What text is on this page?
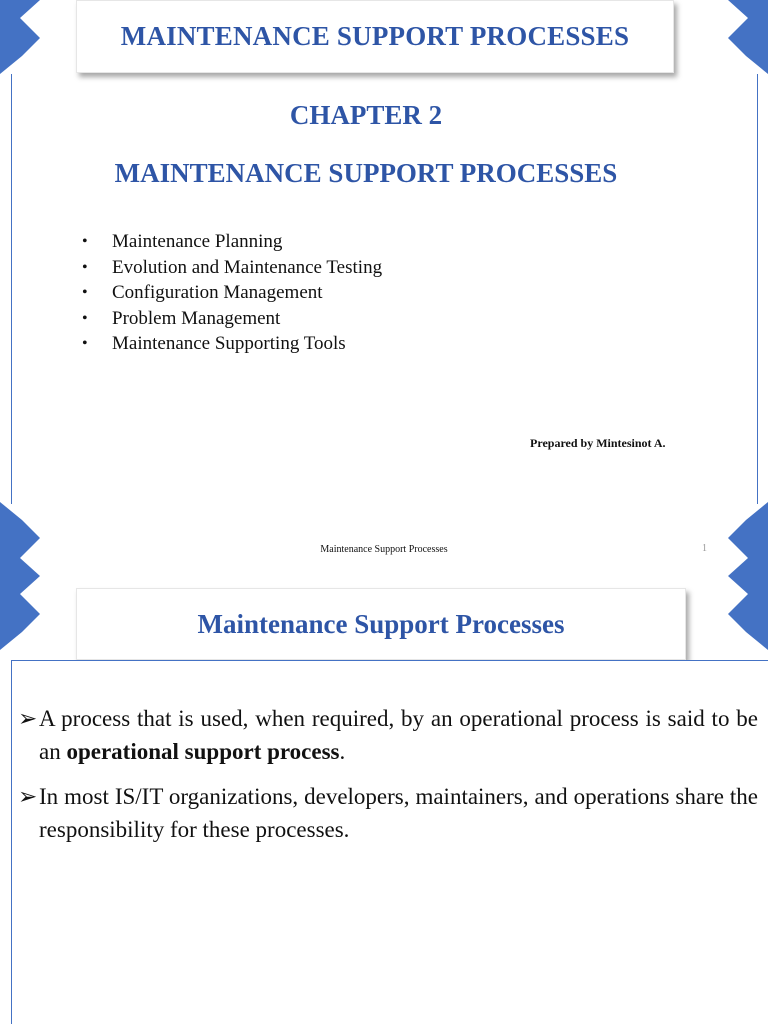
MAINTENANCE SUPPORT PROCESSES
CHAPTER 2
MAINTENANCE SUPPORT PROCESSES
•	Maintenance Planning
•	Evolution and Maintenance Testing
•	Configuration Management
•	Problem Management
•	Maintenance Supporting Tools
Prepared by Mintesinot A.
Maintenance Support Processes	1
Maintenance Support Processes
➢ A process that is used, when required, by an operational process is said to be an operational support process.
➢ In most IS/IT organizations, developers, maintainers, and operations share the responsibility for these processes.
